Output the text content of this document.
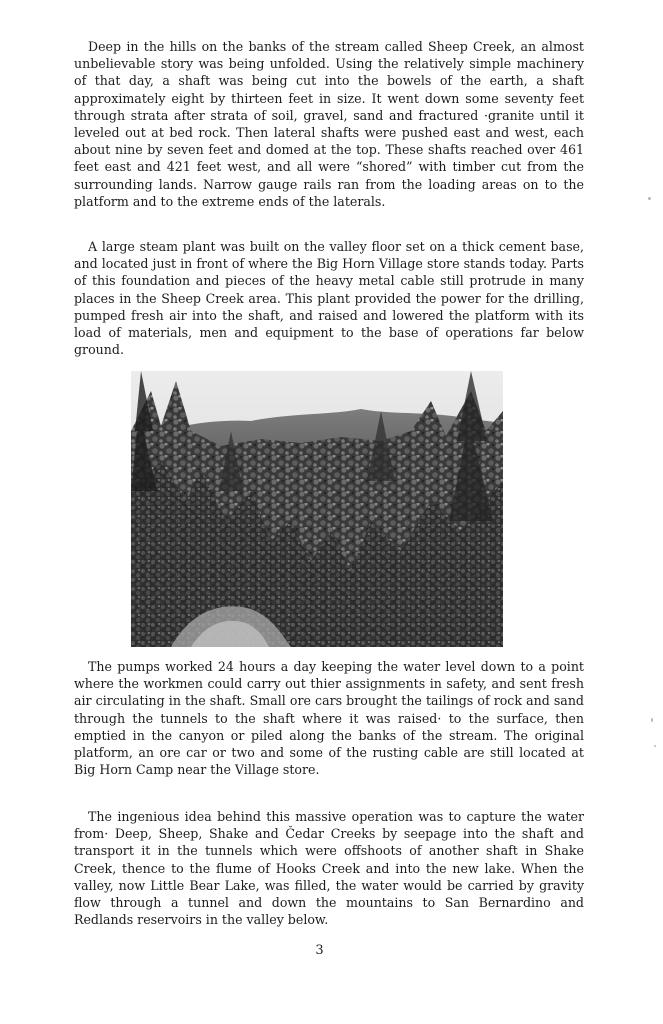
Deep in the hills on the banks of the stream called Sheep Creek, an almost unbelievable story was being unfolded. Using the relatively simple machinery of that day, a shaft was being cut into the bowels of the earth, a shaft approximately eight by thirteen feet in size. It went down some seventy feet through strata after strata of soil, gravel, sand and fractured ·granite until it leveled out at bed rock. Then lateral shafts were pushed east and west, each about nine by seven feet and domed at the top. These shafts reached over 461 feet east and 421 feet west, and all were “shored” with timber cut from the surrounding lands. Narrow gauge rails ran from the loading areas on to the platform and to the extreme ends of the laterals.

A large steam plant was built on the valley floor set on a thick cement base, and located just in front of where the Big Horn Village store stands today. Parts of this foundation and pieces of the heavy metal cable still protrude in many places in the Sheep Creek area. This plant provided the power for the drilling, pumped fresh air into the shaft, and raised and lowered the platform with its load of materials, men and equipment to the base of operations far below ground.

The pumps worked 24 hours a day keeping the water level down to a point where the workmen could carry out thier assignments in safety, and sent fresh air circulating in the shaft. Small ore cars brought the tailings of rock and sand through the tunnels to the shaft where it was raised· to the surface, then emptied in the canyon or piled along the banks of the stream. The original platform, an ore car or two and some of the rusting cable are still located at Big Horn Camp near the Village store.

The ingenious idea behind this massive operation was to capture the water from· Deep, Sheep, Shake and Čedar Creeks by seepage into the shaft and transport it in the tunnels which were offshoots of another shaft in Shake Creek, thence to the flume of Hooks Creek and into the new lake. When the valley, now Little Bear Lake, was filled, the water would be carried by gravity flow through a tunnel and down the mountains to San Bernardino and Redlands reservoirs in the valley below.

3
